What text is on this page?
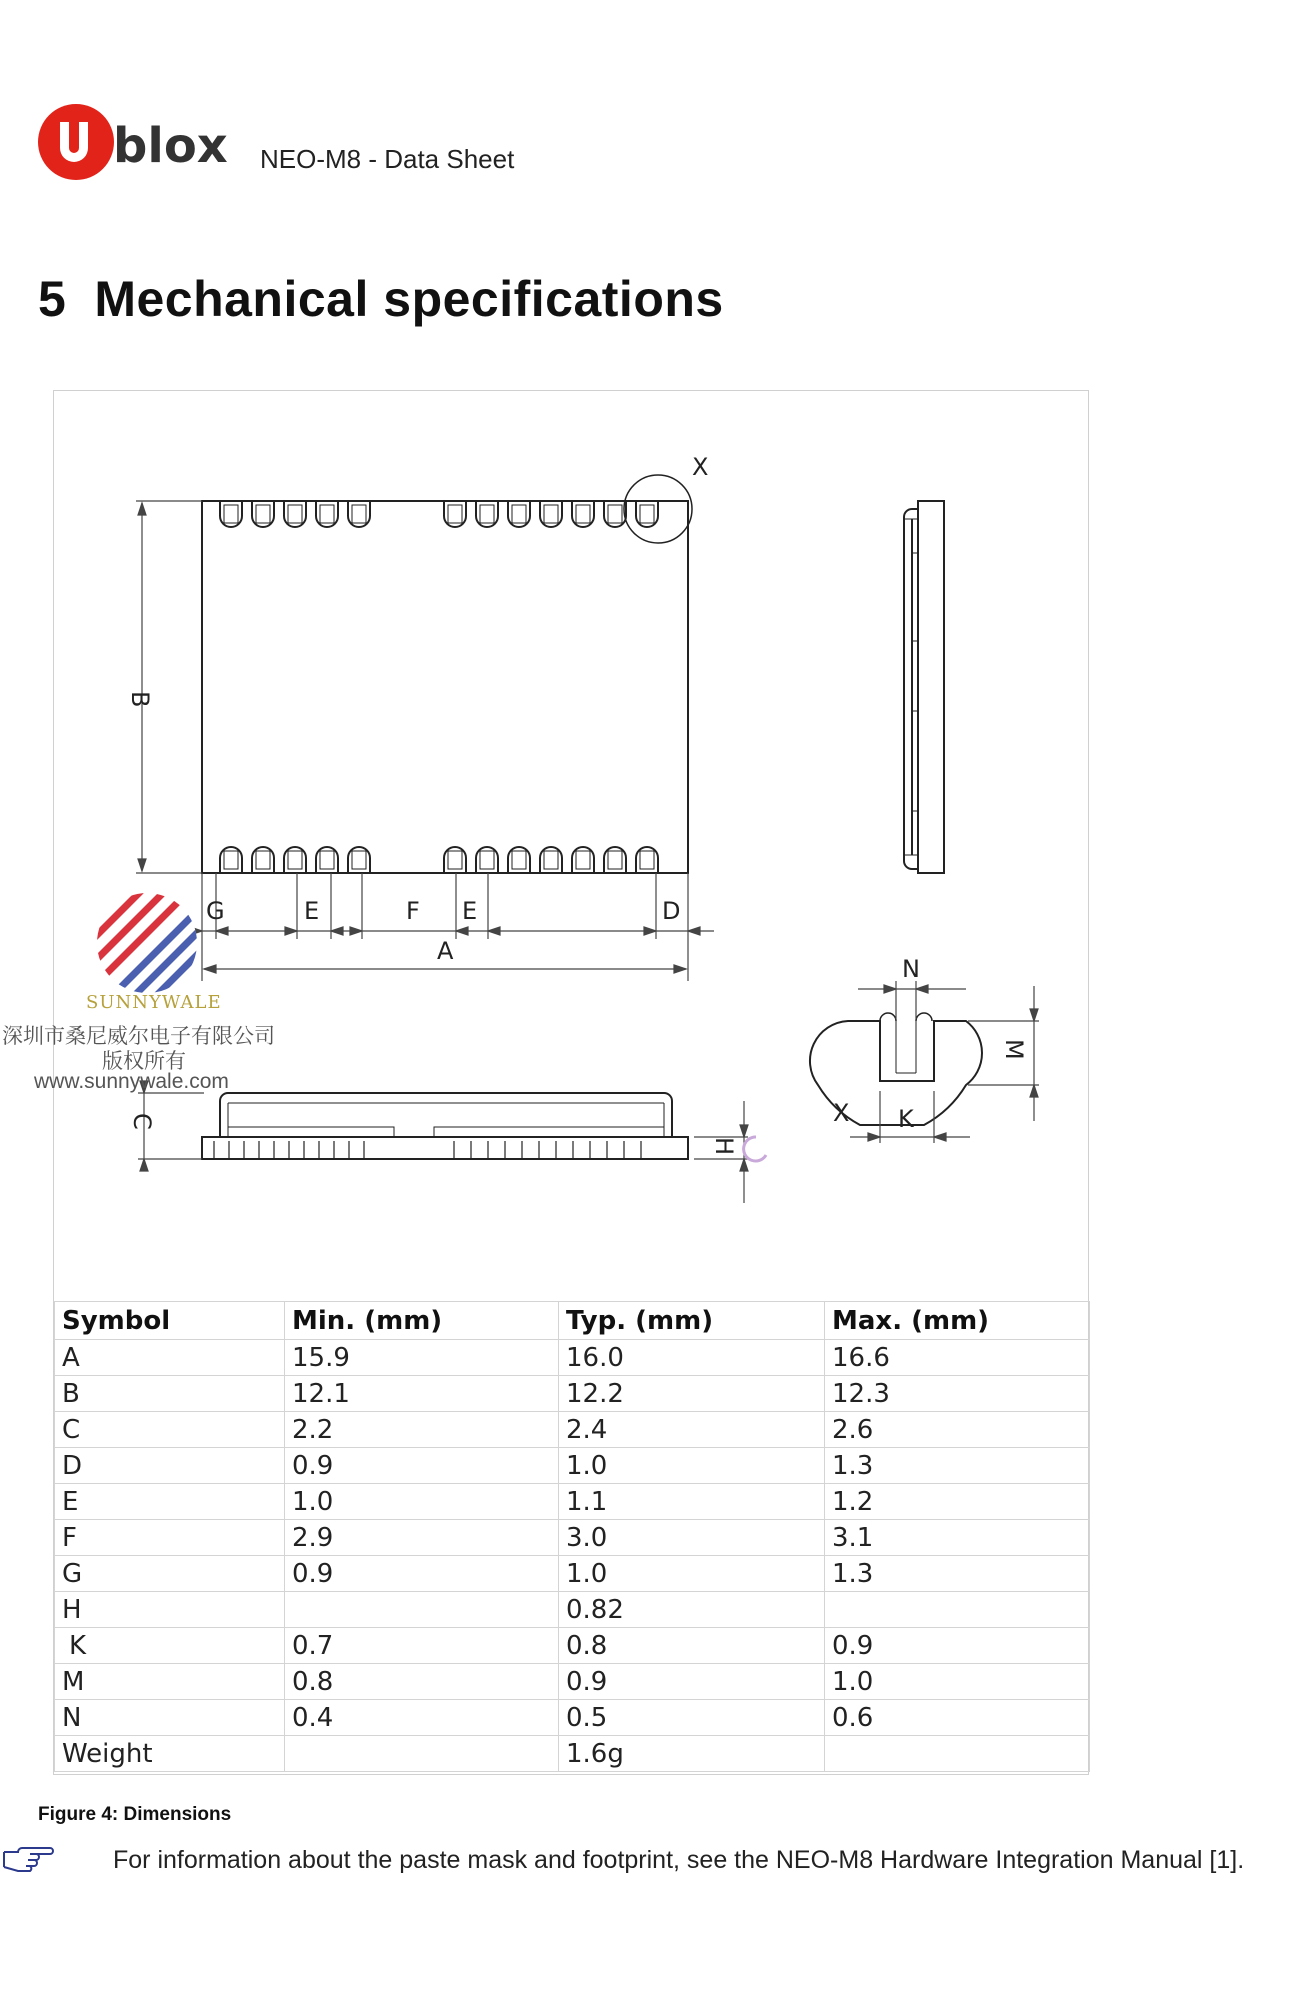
blox NEO-M8 - Data Sheet
5 Mechanical specifications
X
B
G	E	F E	D
A
C
H
N
K
X
M
Symbol	Min. (mm)	Typ. (mm)	Max. (mm)
A	15.9	16.0	16.6
B	12.1	12.2	12.3
C	2.2	2.4	2.6
D	0.9	1.0	1.3
E	1.0	1.1	1.2
F	2.9	3.0	3.1
G	0.9	1.0	1.3
H		0.82	
K	0.7	0.8	0.9
M	0.8	0.9	1.0
N	0.4	0.5	0.6
Weight		1.6g	
SUNNYWALE
深圳市桑尼威尔电子有限公司
版权所有
www.sunnywale.com
Figure 4: Dimensions
For information about the paste mask and footprint, see the NEO-M8 Hardware Integration Manual [1].
